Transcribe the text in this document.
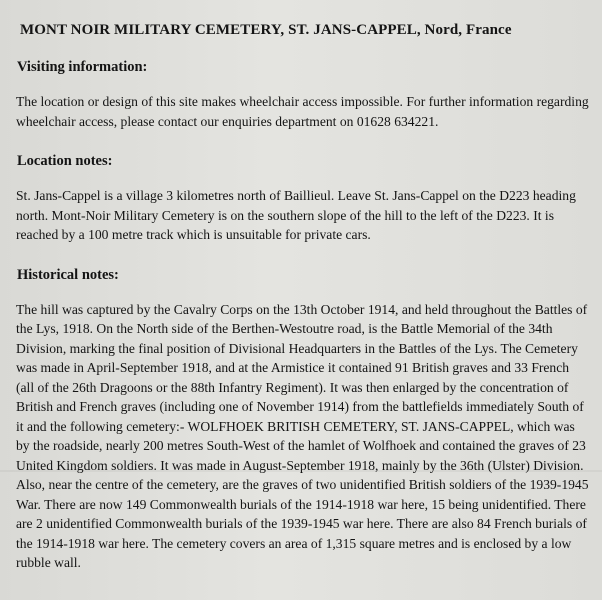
MONT NOIR MILITARY CEMETERY, ST. JANS-CAPPEL, Nord, France
Visiting information:
The location or design of this site makes wheelchair access impossible. For further information regarding wheelchair access, please contact our enquiries department on 01628 634221.
Location notes:
St. Jans-Cappel is a village 3 kilometres north of Baillieul. Leave St. Jans-Cappel on the D223 heading north. Mont-Noir Military Cemetery is on the southern slope of the hill to the left of the D223. It is reached by a 100 metre track which is unsuitable for private cars.
Historical notes:
The hill was captured by the Cavalry Corps on the 13th October 1914, and held throughout the Battles of the Lys, 1918. On the North side of the Berthen-Westoutre road, is the Battle Memorial of the 34th Division, marking the final position of Divisional Headquarters in the Battles of the Lys. The Cemetery was made in April-September 1918, and at the Armistice it contained 91 British graves and 33 French (all of the 26th Dragoons or the 88th Infantry Regiment). It was then enlarged by the concentration of British and French graves (including one of November 1914) from the battlefields immediately South of it and the following cemetery:- WOLFHOEK BRITISH CEMETERY, ST. JANS-CAPPEL, which was by the roadside, nearly 200 metres South-West of the hamlet of Wolfhoek and contained the graves of 23 United Kingdom soldiers. It was made in August-September 1918, mainly by the 36th (Ulster) Division. Also, near the centre of the cemetery, are the graves of two unidentified British soldiers of the 1939-1945 War. There are now 149 Commonwealth burials of the 1914-1918 war here, 15 being unidentified. There are 2 unidentified Commonwealth burials of the 1939-1945 war here. There are also 84 French burials of the 1914-1918 war here. The cemetery covers an area of 1,315 square metres and is enclosed by a low rubble wall.
